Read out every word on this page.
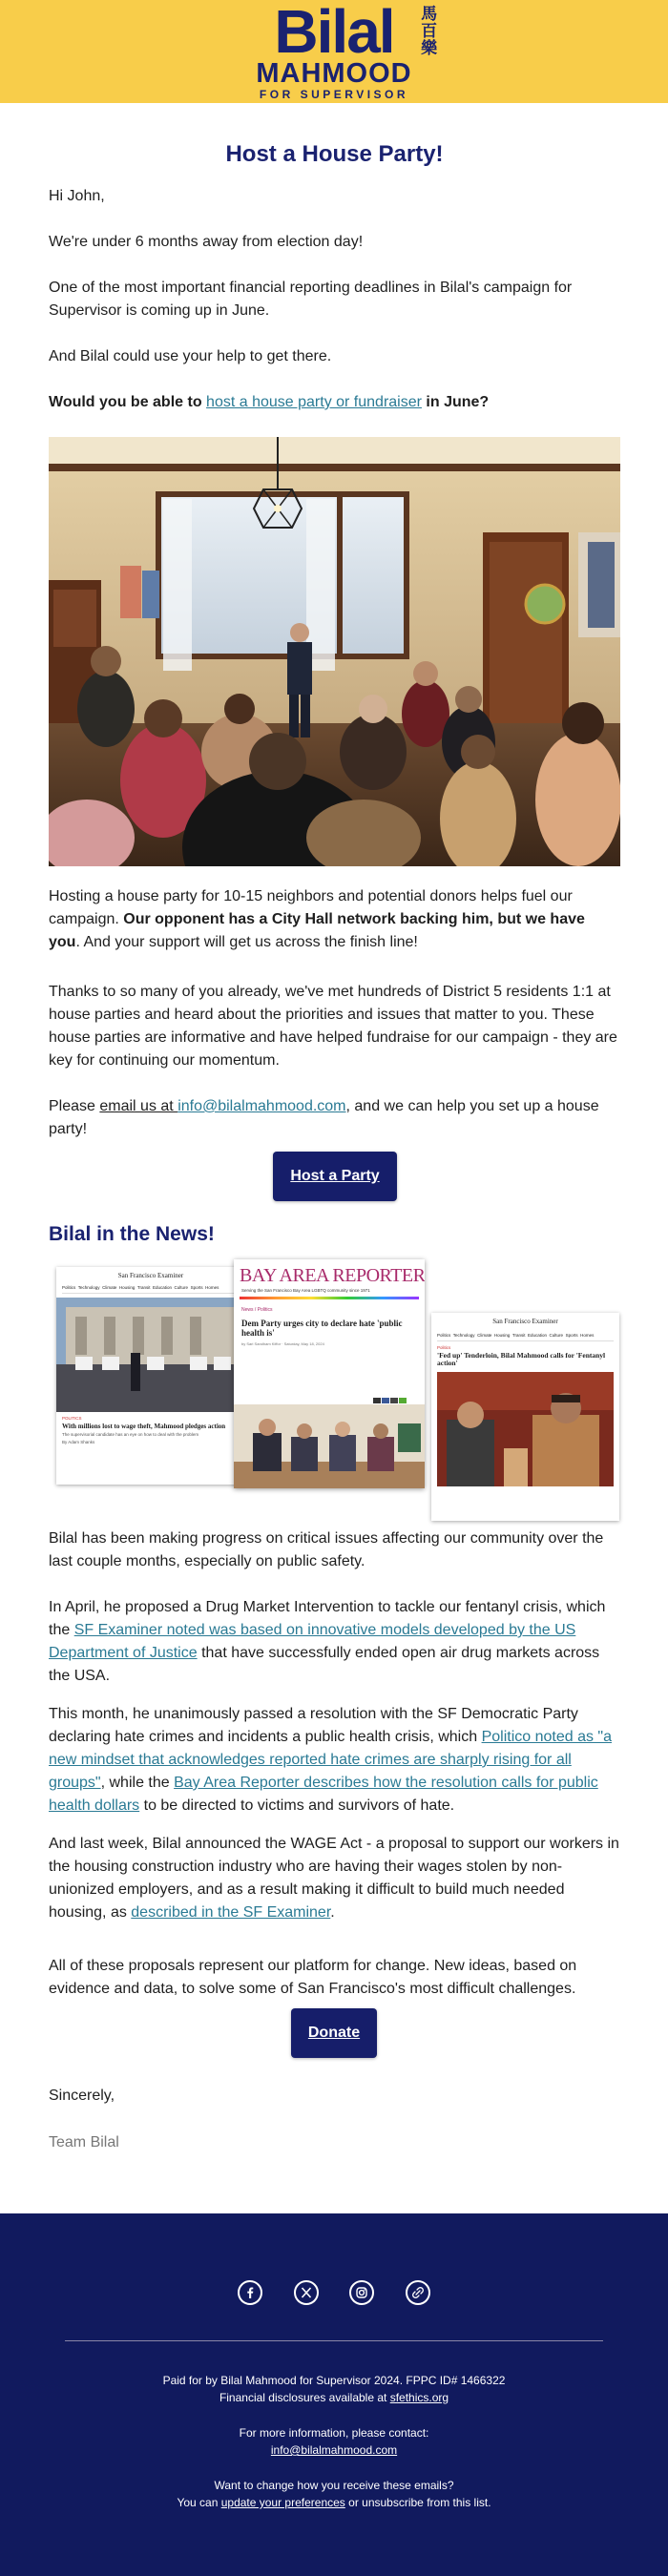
Bilal	馬百樂
MAHMOOD
FOR SUPERVISOR
Host a House Party!

Hi John,

We're under 6 months away from election day!

One of the most important financial reporting deadlines in Bilal's campaign for Supervisor is coming up in June.

And Bilal could use your help to get there.

Would you be able to host a house party or fundraiser in June?

Hosting a house party for 10-15 neighbors and potential donors helps fuel our campaign. Our opponent has a City Hall network backing him, but we have you. And your support will get us across the finish line!

Thanks to so many of you already, we've met hundreds of District 5 residents 1:1 at house parties and heard about the priorities and issues that matter to you. These house parties are informative and have helped fundraise for our campaign - they are key for continuing our momentum.

Please email us at info@bilalmahmood.com, and we can help you set up a house party!

Host a Party
Bilal in the News!
San Francisco Examiner
Politics Technology Climate Housing Transit Education Culture Sports Homes
POLITICS
With millions lost to wage theft, Mahmood pledges action
The supervisorial candidate has an eye on how to deal with the problem
By Adam Shanks
BAY AREA REPORTER
Serving the San Francisco Bay Area LGBTQ community since 1971
News / Politics
Dem Party urges city to declare hate 'public health is'
by Sari Sandham Kiffor · Saturday, May 18, 2024
San Francisco Examiner
Politics Technology Climate Housing Transit Education Culture Sports Homes
Politics
'Fed up' Tenderloin, Bilal Mahmood calls for 'Fentanyl action'

Bilal has been making progress on critical issues affecting our community over the last couple months, especially on public safety.

In April, he proposed a Drug Market Intervention to tackle our fentanyl crisis, which the SF Examiner noted was based on innovative models developed by the US Department of Justice that have successfully ended open air drug markets across the USA.

This month, he unanimously passed a resolution with the SF Democratic Party declaring hate crimes and incidents a public health crisis, which Politico noted as "a new mindset that acknowledges reported hate crimes are sharply rising for all groups", while the Bay Area Reporter describes how the resolution calls for public health dollars to be directed to victims and survivors of hate.

And last week, Bilal announced the WAGE Act - a proposal to support our workers in the housing construction industry who are having their wages stolen by non-unionized employers, and as a result making it difficult to build much needed housing, as described in the SF Examiner.

All of these proposals represent our platform for change. New ideas, based on evidence and data, to solve some of San Francisco's most difficult challenges.

Donate

Sincerely,

Team Bilal

Paid for by Bilal Mahmood for Supervisor 2024. FPPC ID# 1466322
Financial disclosures available at sfethics.org
For more information, please contact:
info@bilalmahmood.com
Want to change how you receive these emails?
You can update your preferences or unsubscribe from this list.
